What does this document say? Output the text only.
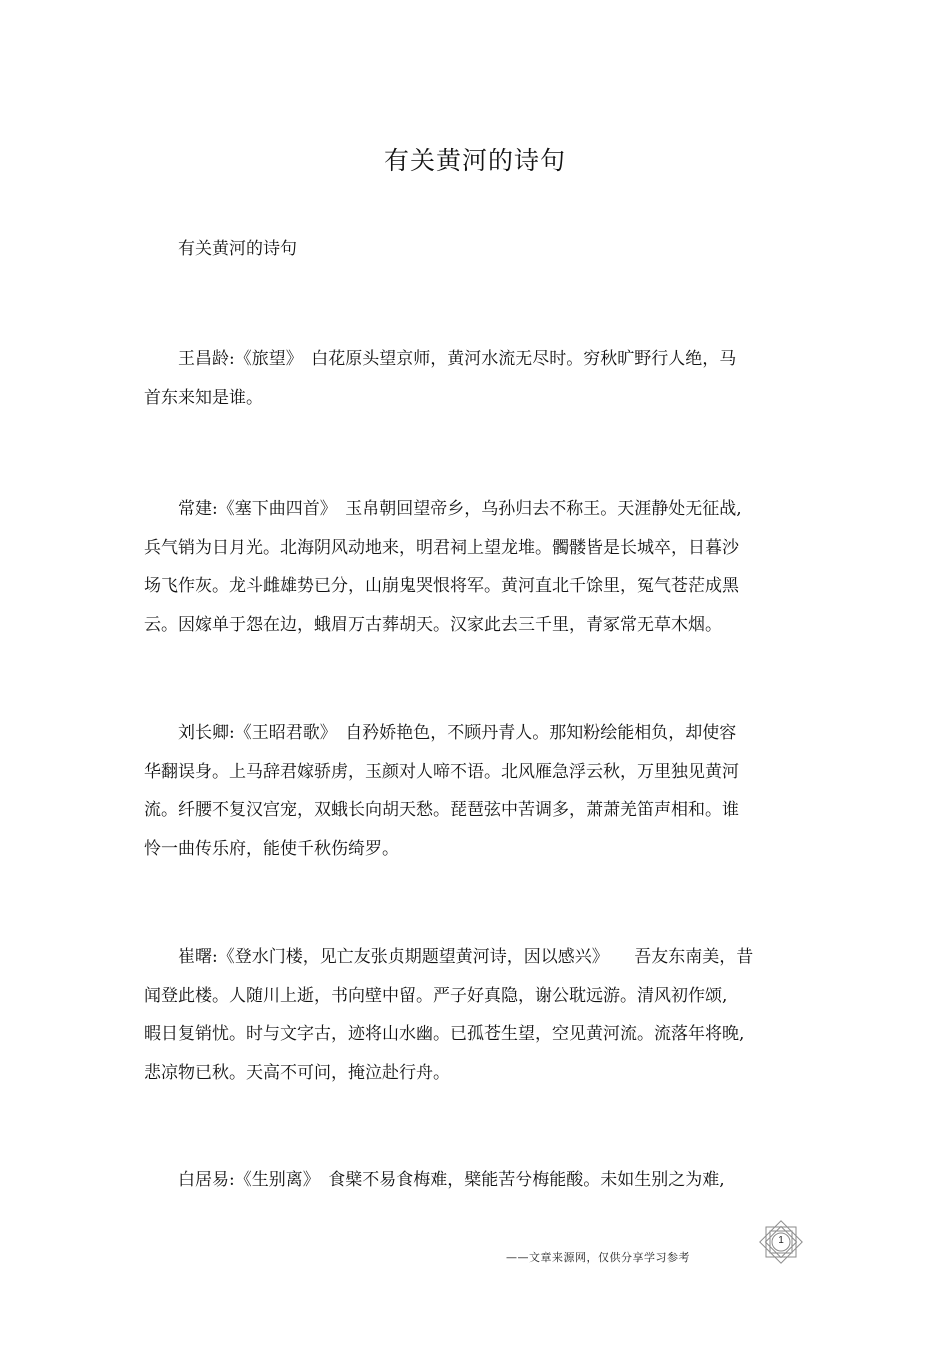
有关黄河的诗句
有关黄河的诗句
王昌龄:《旅望》　白花原头望京师，黄河水流无尽时。穷秋旷野行人绝，马
首东来知是谁。
常建:《塞下曲四首》　玉帛朝回望帝乡，乌孙归去不称王。天涯静处无征战,
兵气销为日月光。北海阴风动地来，明君祠上望龙堆。髑髅皆是长城卒，日暮沙
场飞作灰。龙斗雌雄势已分，山崩鬼哭恨将军。黄河直北千馀里，冤气苍茫成黑
云。因嫁单于怨在边，蛾眉万古葬胡天。汉家此去三千里，青冢常无草木烟。
刘长卿:《王昭君歌》　自矜娇艳色，不顾丹青人。那知粉绘能相负，却使容
华翻误身。上马辞君嫁骄虏，玉颜对人啼不语。北风雁急浮云秋，万里独见黄河
流。纤腰不复汉宫宠，双蛾长向胡天愁。琵琶弦中苦调多，萧萧羌笛声相和。谁
怜一曲传乐府，能使千秋伤绮罗。
崔曙:《登水门楼，见亡友张贞期题望黄河诗，因以感兴》　　吾友东南美，昔
闻登此楼。人随川上逝，书向壁中留。严子好真隐，谢公耽远游。清风初作颂,
暇日复销忧。时与文字古，迹将山水幽。已孤苍生望，空见黄河流。流落年将晚,
悲凉物已秋。天高不可问，掩泣赴行舟。
白居易:《生别离》　食檗不易食梅难，檗能苦兮梅能酸。未如生别之为难,
——文章来源网，仅供分享学习参考
1
